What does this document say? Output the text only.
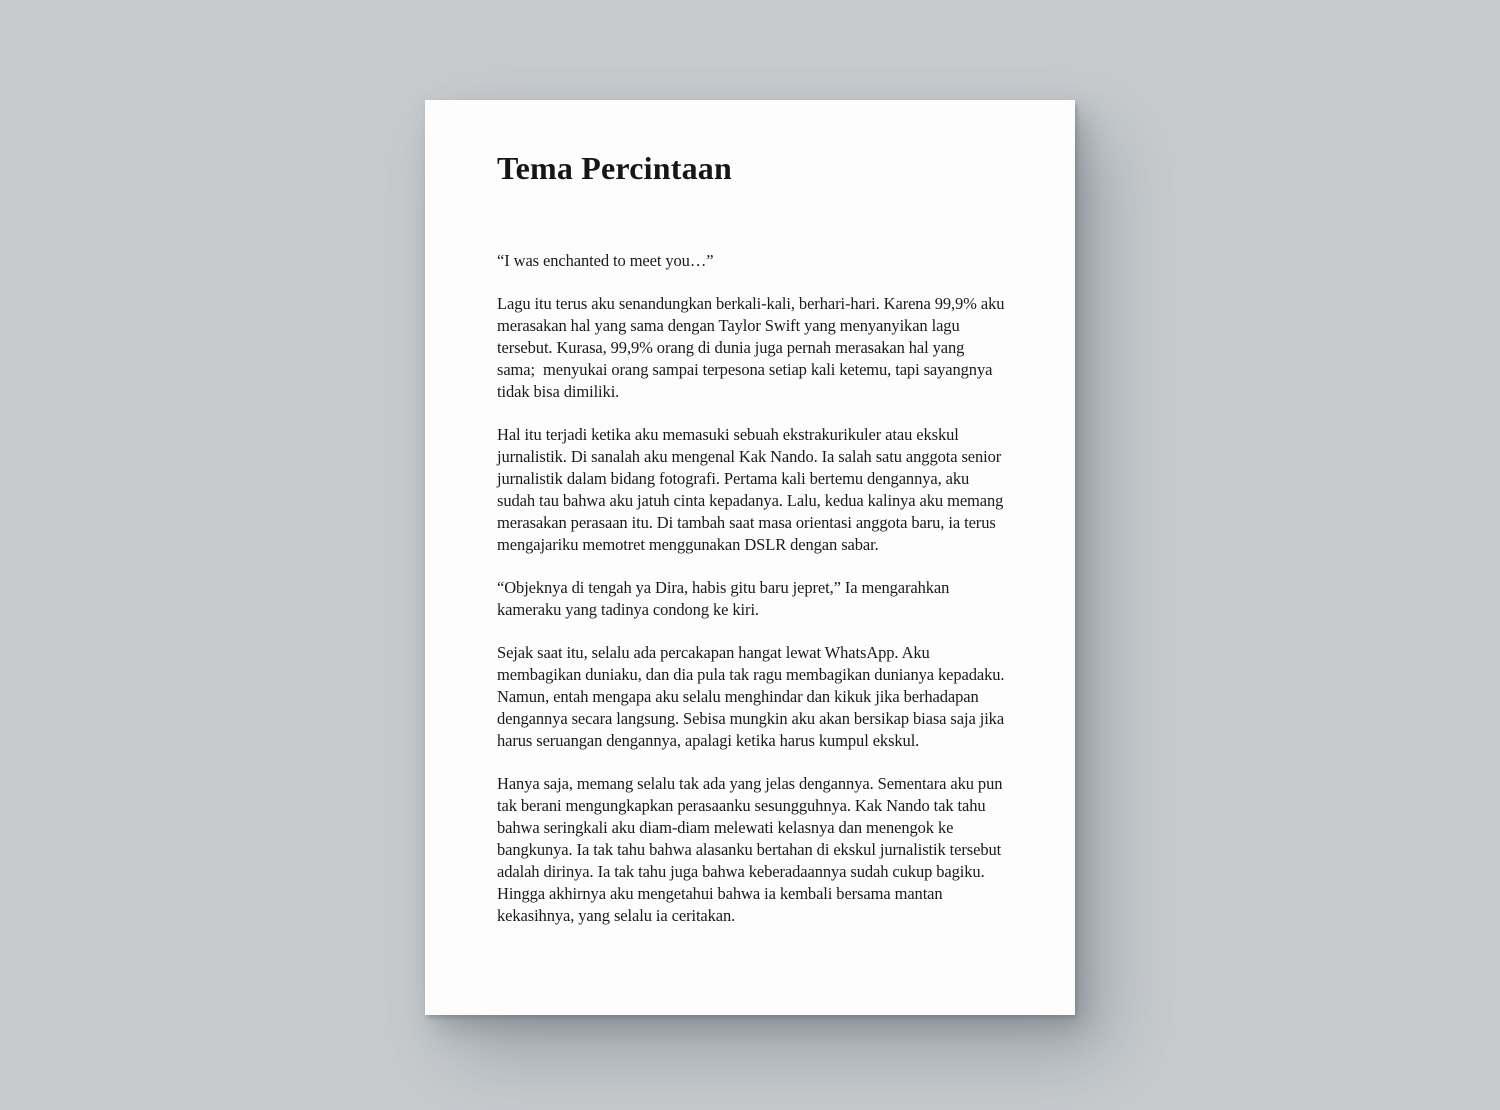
Tema Percintaan

“I was enchanted to meet you…”

Lagu itu terus aku senandungkan berkali-kali, berhari-hari. Karena 99,9% aku merasakan hal yang sama dengan Taylor Swift yang menyanyikan lagu tersebut. Kurasa, 99,9% orang di dunia juga pernah merasakan hal yang sama;  menyukai orang sampai terpesona setiap kali ketemu, tapi sayangnya tidak bisa dimiliki.

Hal itu terjadi ketika aku memasuki sebuah ekstrakurikuler atau ekskul jurnalistik. Di sanalah aku mengenal Kak Nando. Ia salah satu anggota senior jurnalistik dalam bidang fotografi. Pertama kali bertemu dengannya, aku sudah tau bahwa aku jatuh cinta kepadanya. Lalu, kedua kalinya aku memang merasakan perasaan itu. Di tambah saat masa orientasi anggota baru, ia terus mengajariku memotret menggunakan DSLR dengan sabar.

“Objeknya di tengah ya Dira, habis gitu baru jepret,” Ia mengarahkan kameraku yang tadinya condong ke kiri.

Sejak saat itu, selalu ada percakapan hangat lewat WhatsApp. Aku membagikan duniaku, dan dia pula tak ragu membagikan dunianya kepadaku. Namun, entah mengapa aku selalu menghindar dan kikuk jika berhadapan dengannya secara langsung. Sebisa mungkin aku akan bersikap biasa saja jika harus seruangan dengannya, apalagi ketika harus kumpul ekskul.

Hanya saja, memang selalu tak ada yang jelas dengannya. Sementara aku pun tak berani mengungkapkan perasaanku sesungguhnya. Kak Nando tak tahu bahwa seringkali aku diam-diam melewati kelasnya dan menengok ke bangkunya. Ia tak tahu bahwa alasanku bertahan di ekskul jurnalistik tersebut adalah dirinya. Ia tak tahu juga bahwa keberadaannya sudah cukup bagiku.  Hingga akhirnya aku mengetahui bahwa ia kembali bersama mantan kekasihnya, yang selalu ia ceritakan.
